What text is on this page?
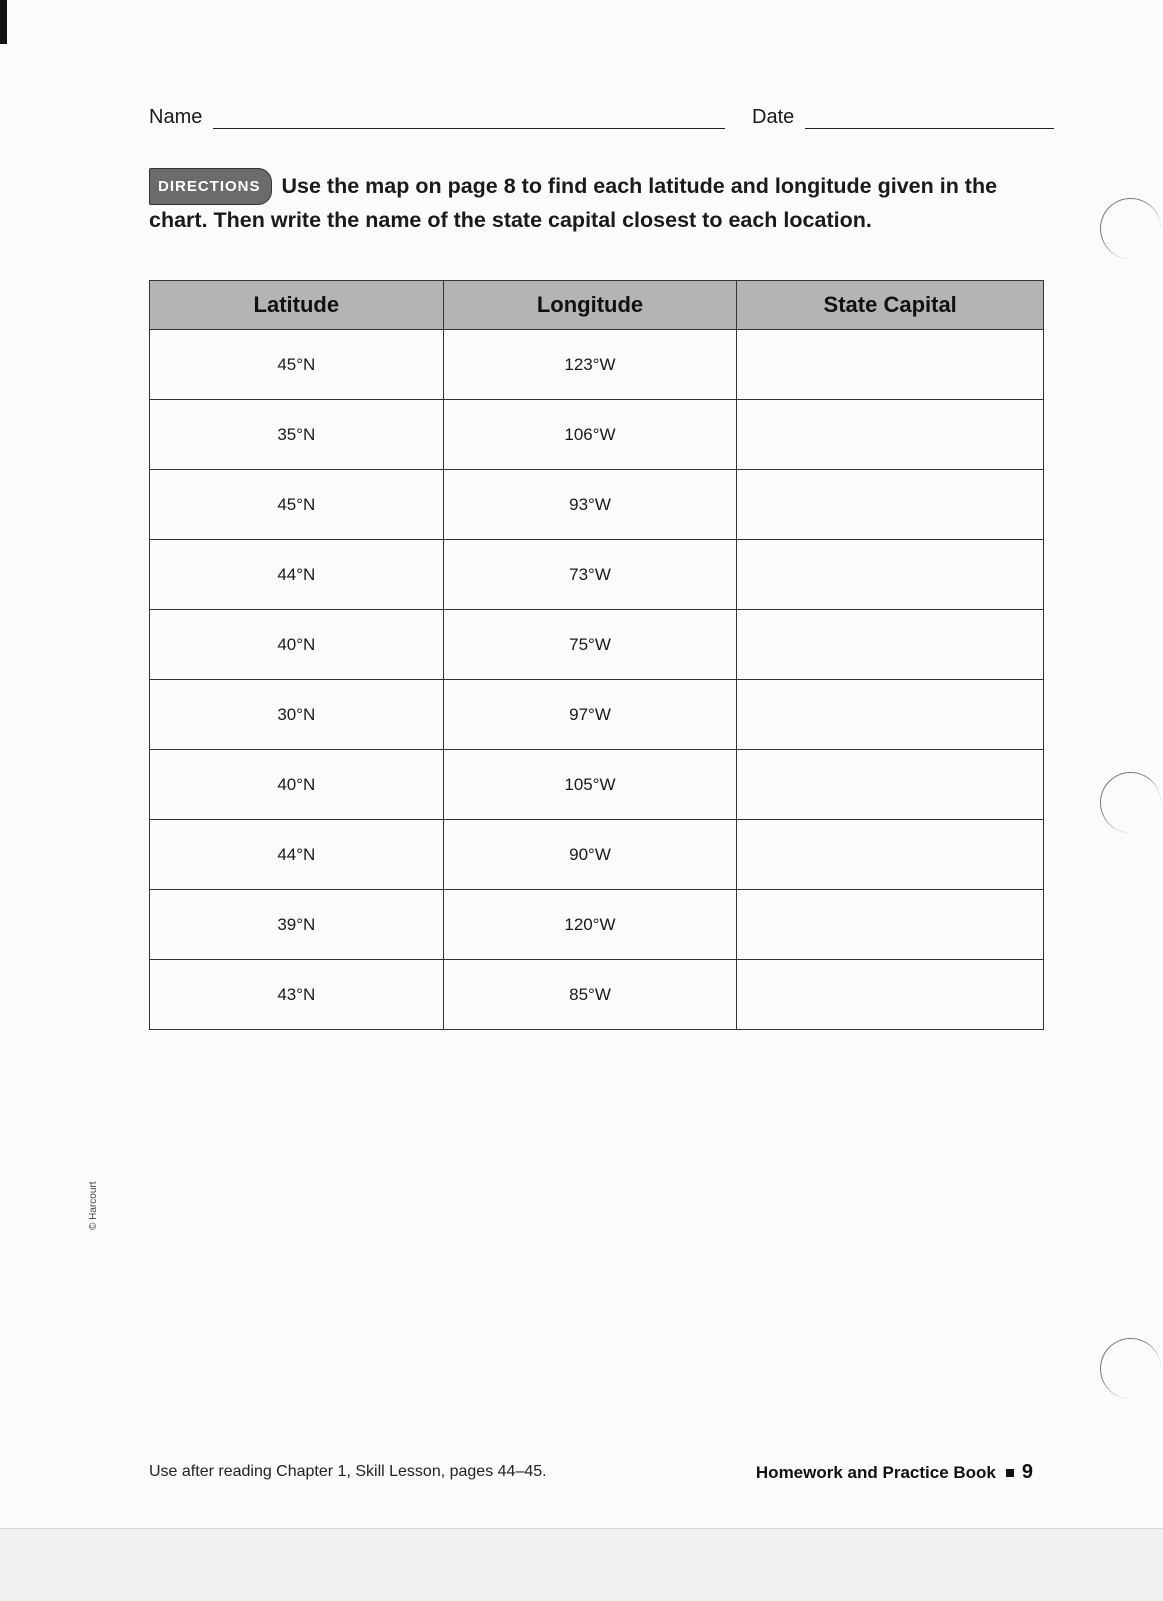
Name	Date
DIRECTIONS Use the map on page 8 to find each latitude and longitude given in the chart. Then write the name of the state capital closest to each location.
Latitude	Longitude	State Capital
45°N	123°W	
35°N	106°W	
45°N	93°W	
44°N	73°W	
40°N	75°W	
30°N	97°W	
40°N	105°W	
44°N	90°W	
39°N	120°W	
43°N	85°W	
© Harcourt
Use after reading Chapter 1, Skill Lesson, pages 44–45.	Homework and Practice Book 9
